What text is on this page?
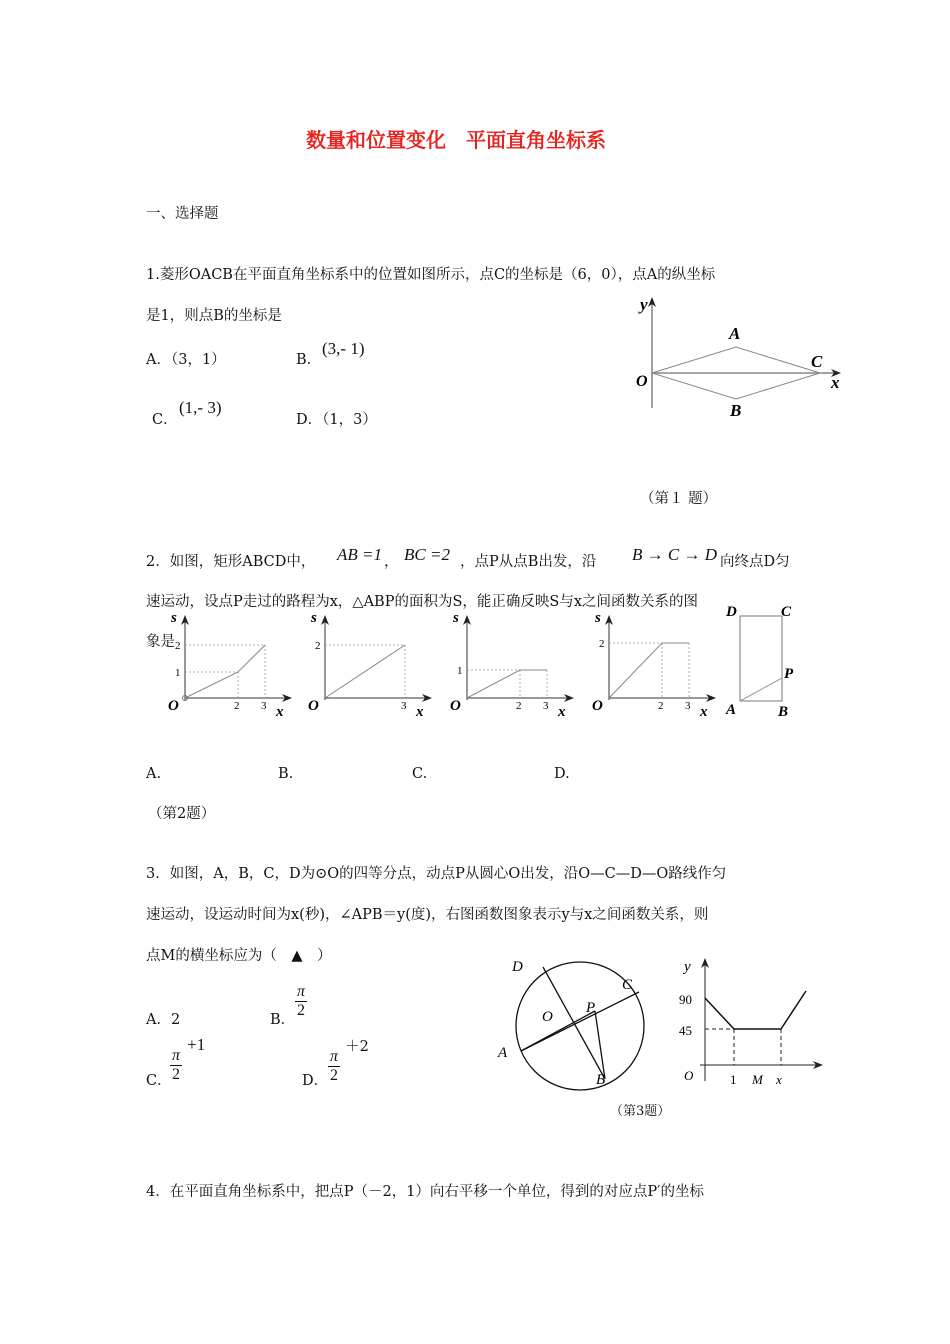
数量和位置变化　平面直角坐标系
一、选择题
1.菱形OACB在平面直角坐标系中的位置如图所示，点C的坐标是（6，0），点A的纵坐标
是1，则点B的坐标是
A．（3，1）	B．
(3,- 1)
C．
(1,- 3)
D．（1，3）
y
x
O
A
B
C
（第１ 题）
2．如图，矩形ABCD中， AB =1 ， BC =2 ，点P从点B出发，沿 B → C → D 向终点D匀
速运动，设点P走过的路程为x，△ABP的面积为S，能正确反映S与x之间函数关系的图
象是
s
O	x
2
1
2 3
s
O	x
2
3
s
O	x
1
2 3
s
O	x
2
2 3
D	C
P
A	B
A.	B.	C.	D.
（第2题）
3．如图，A，B，C，D为⊙O的四等分点，动点P从圆心O出发，沿O—C—D—O路线作匀
速运动，设运动时间为x(秒)，∠APB＝y(度)，右图函数图象表示y与x之间函数关系，则
点M的横坐标应为（　▲　）
A．2	B． $\frac{\pi}{2}$
C．
$\frac{\pi}{2}$
+1
D． $\frac{\pi}{2}$
＋2
D
C
O
P
A
B
y
90
45
O	1 M x
（第3题）
4．在平面直角坐标系中，把点P（－2，1）向右平移一个单位，得到的对应点P′的坐标
